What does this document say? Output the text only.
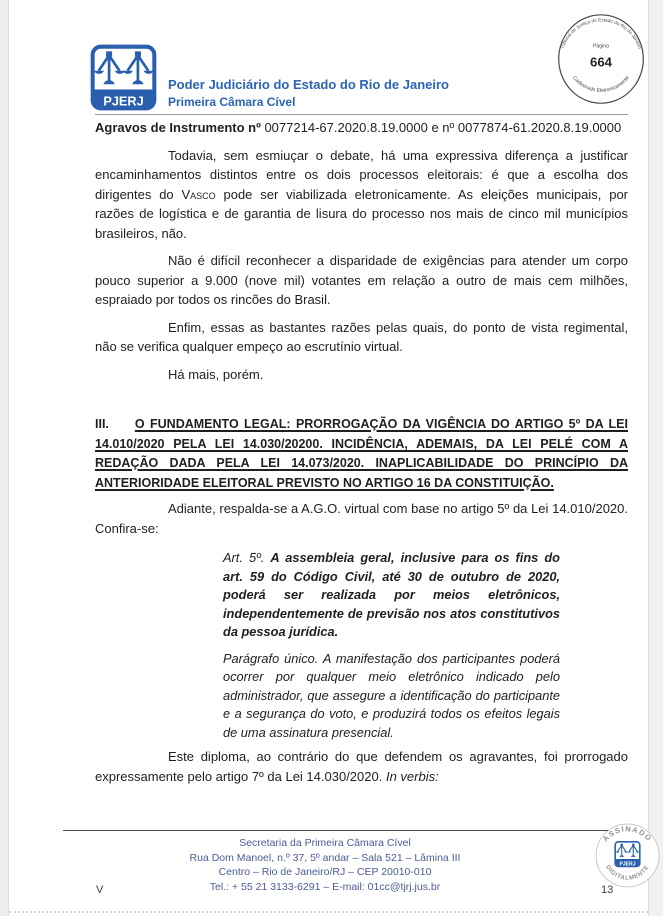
Poder Judiciário do Estado do Rio de Janeiro
Primeira Câmara Cível
Tribunal de Justiça do Estado do Rio de Janeiro
Página
664
Cadastrado Eletronicamente

Agravos de Instrumento nº 0077214-67.2020.8.19.0000 e nº 0077874-61.2020.8.19.0000

Todavia, sem esmiuçar o debate, há uma expressiva diferença a justificar encaminhamentos distintos entre os dois processos eleitorais: é que a escolha dos dirigentes do Vasco pode ser viabilizada eletronicamente. As eleições municipais, por razões de logística e de garantia de lisura do processo nos mais de cinco mil municípios brasileiros, não.

Não é difícil reconhecer a disparidade de exigências para atender um corpo pouco superior a 9.000 (nove mil) votantes em relação a outro de mais cem milhões, espraiado por todos os rincões do Brasil.

Enfim, essas as bastantes razões pelas quais, do ponto de vista regimental, não se verifica qualquer empeço ao escrutínio virtual.

Há mais, porém.

III. O FUNDAMENTO LEGAL: PRORROGAÇÃO DA VIGÊNCIA DO ARTIGO 5º DA LEI 14.010/2020 PELA LEI 14.030/20200. INCIDÊNCIA, ADEMAIS, DA LEI PELÉ COM A REDAÇÃO DADA PELA LEI 14.073/2020. INAPLICABILIDADE DO PRINCÍPIO DA ANTERIORIDADE ELEITORAL PREVISTO NO ARTIGO 16 DA CONSTITUIÇÃO.

Adiante, respalda-se a A.G.O. virtual com base no artigo 5º da Lei 14.010/2020. Confira-se:

Art. 5º. A assembleia geral, inclusive para os fins do art. 59 do Código Civil, até 30 de outubro de 2020, poderá ser realizada por meios eletrônicos, independentemente de previsão nos atos constitutivos da pessoa jurídica.

Parágrafo único. A manifestação dos participantes poderá ocorrer por qualquer meio eletrônico indicado pelo administrador, que assegure a identificação do participante e a segurança do voto, e produzirá todos os efeitos legais de uma assinatura presencial.

Este diploma, ao contrário do que defendem os agravantes, foi prorrogado expressamente pelo artigo 7º da Lei 14.030/2020. In verbis:

Secretaria da Primeira Câmara Cível
Rua Dom Manoel, n.º 37, 5º andar – Sala 521 – Lâmina III
Centro – Rio de Janeiro/RJ – CEP 20010-010
Tel.: + 55 21 3133-6291 – E-mail: 01cc@tjrj.jus.br
V	13
ASSINADO
DIGITALMENTE
